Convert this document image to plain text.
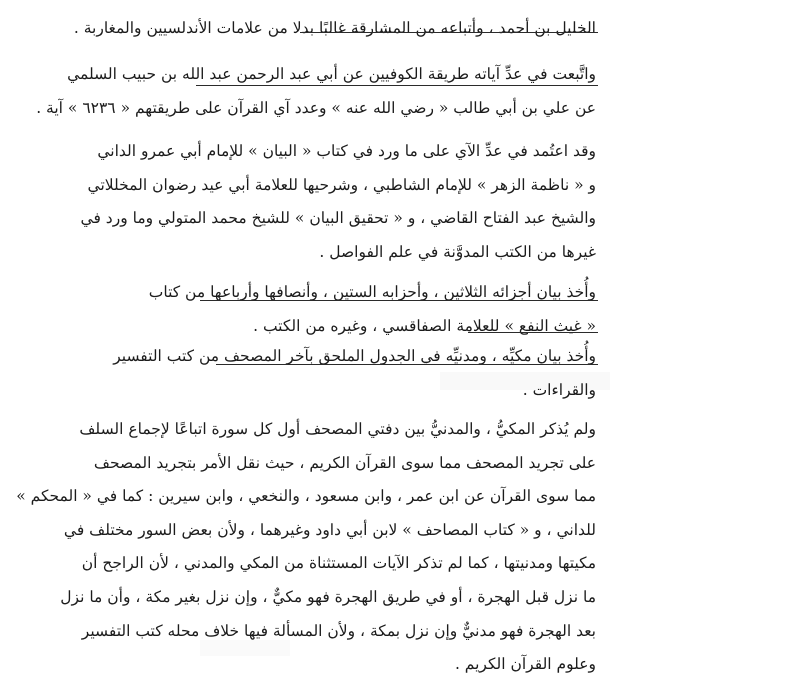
الخليل بن أحمد ، وأتباعه من المشارقة غالبًا بدلا من علامات الأندلسيين والمغاربة .
واتَّبعت في عدِّ آياته طريقة الكوفيين عن أبي عبد الرحمن عبد الله بن حبيب السلمي
عن علي بن أبي طالب « رضي الله عنه » وعدد آي القرآن على طريقتهم « ٦٢٣٦ » آية .
وقد اعتُمد في عدِّ الآي على ما ورد في كتاب « البيان » للإمام أبي عمرو الداني
و « ناظمة الزهر » للإمام الشاطبي ، وشرحيها للعلامة أبي عيد رضوان المخللاتي
والشيخ عبد الفتاح القاضي ، و « تحقيق البيان » للشيخ محمد المتولي وما ورد في
غيرها من الكتب المدوَّنة في علم الفواصل .
وأُخذ بيان أجزائه الثلاثين ، وأحزابه الستين ، وأنصافها وأرباعها من كتاب
« غيث النفع » للعلامة الصفاقسي ، وغيره من الكتب .
وأُخذ بيان مكيِّه ، ومدنيِّه في الجدول الملحق بآخر المصحف من كتب التفسير
والقراءات .
ولم يُذكر المكيُّ ، والمدنيُّ بين دفتي المصحف أول كل سورة اتباعًا لإجماع السلف
على تجريد المصحف مما سوى القرآن الكريم ، حيث نقل الأمر بتجريد المصحف
مما سوى القرآن عن ابن عمر ، وابن مسعود ، والنخعي ، وابن سيرين : كما في « المحكم »
للداني ، و « كتاب المصاحف » لابن أبي داود وغيرهما ، ولأن بعض السور مختلف في
مكيتها ومدنيتها ، كما لم تذكر الآيات المستثناة من المكي والمدني ، لأن الراجح أن
ما نزل قبل الهجرة ، أو في طريق الهجرة فهو مكيٌّ ، وإن نزل بغير مكة ، وأن ما نزل
بعد الهجرة فهو مدنيٌّ وإن نزل بمكة ، ولأن المسألة فيها خلاف محله كتب التفسير
وعلوم القرآن الكريم .
